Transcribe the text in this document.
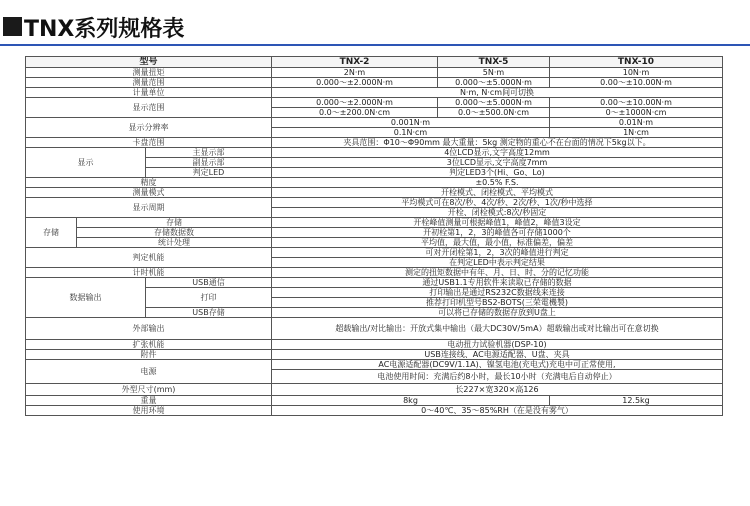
TNX系列规格表
型号			TNX-2	TNX-5	TNX-10
测量扭矩			2N·m	5N·m	10N·m
测量范围			0.000～±2.000N·m	0.000～±5.000N·m	0.00～±10.00N·m
计量单位			N·m, N·cm间可切换		
显示范围			0.000～±2.000N·m	0.000～±5.000N·m	0.00～±10.00N·m
			0.0～±200.0N·cm	0.0～±500.0N·cm	0～±1000N·cm
显示分辨率			0.001N·m		0.01N·m
			0.1N·cm		1N·cm
卡盘范围			夹具范围：Φ10～Φ90mm 最大重量：5kg 测定物的重心不在台面的情况下5kg以下。		
显示		主显示部	4位LCD显示,文字高度12mm		
		副显示部	3位LCD显示,文字高度7mm		
		判定LED	判定LED3个(Hi、Go、Lo)		
精度			±0.5% F.S.		
测量模式			开栓模式、闭栓模式、平均模式		
显示周期			平均模式可在8次/秒、4次/秒、2次/秒、1次/秒中选择		
			开栓、闭栓模式:8次/秒固定		
存储	存储		开栓峰值测量可根据峰值1，峰值2，峰值3设定		
	存储数据数		开初栓第1，2，3的峰值各可存储1000个		
	统计处理		平均值，最大值，最小值，标准偏差，偏差		
判定机能			可对开闭栓第1，2，3次的峰值进行判定		
			在判定LED中表示判定结果		
计时机能			测定的扭矩数据中有年、月、日、时、分的记忆功能		
数据输出		USB通信	通过USB1.1专用软件来读取已存储的数据		
		打印	打印输出是通过RS232C数据线来连接		
			推荐打印机型号BS2-BOTS(三荣電機製)		
		USB存储	可以将已存储的数据存放到U盘上		
外部输出			超载输出/对比输出：开放式集中输出（最大DC30V/5mA）超载输出或对比输出可在意切换		
扩张机能			电动扭力试验机器(DSP-10)		
附件			USB连接线、AC电源适配器、U盘、夹具		
电源			AC电源适配器(DC9V/1.1A)、镍氢电池(充电式)充电中可正常使用,		
			电池使用时间：充满后约8小时，最长10小时（充满电后自动停止）		
外型尺寸(mm)			长227×宽320×高126		
重量			8kg		12.5kg
使用环境			0～40℃、35～85%RH（在是没有雾气）		
